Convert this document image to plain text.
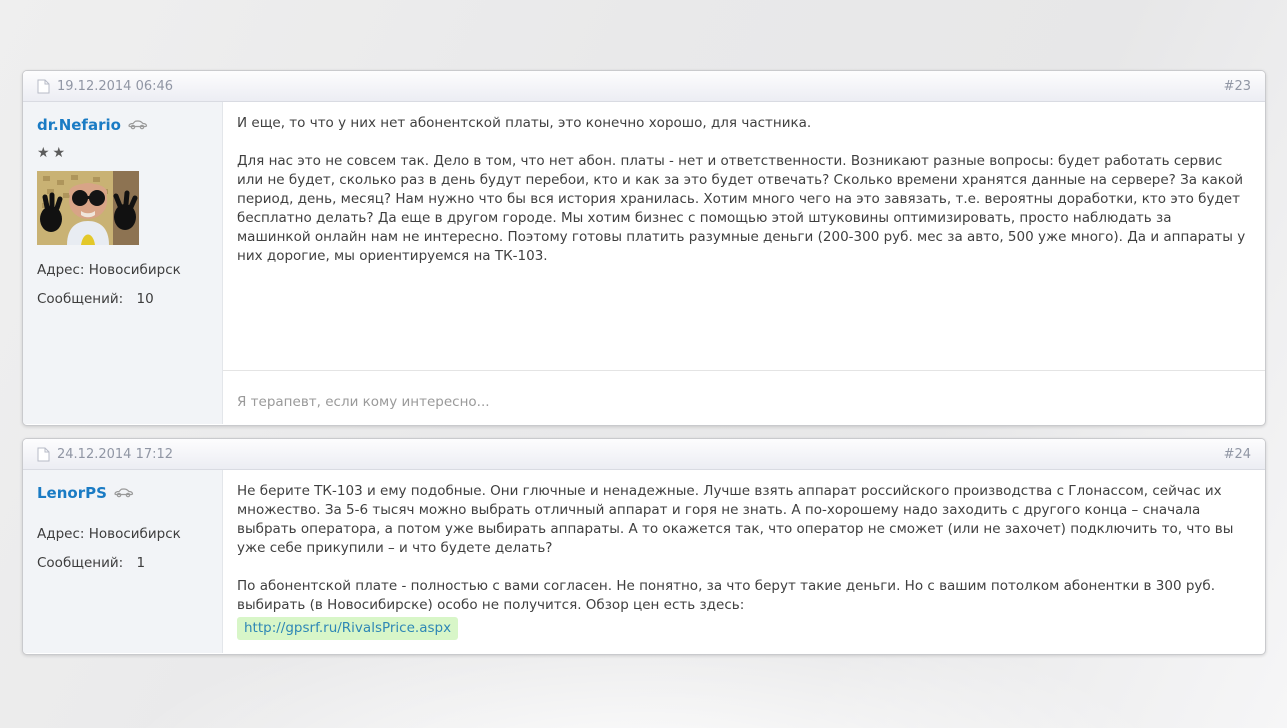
19.12.2014 06:46	#23
dr.Nefario
★★
Адрес: Новосибирск
Сообщений: 10

И еще, то что у них нет абонентской платы, это конечно хорошо, для частника.

Для нас это не совсем так. Дело в том, что нет абон. платы - нет и ответственности. Возникают разные вопросы: будет работать сервис или не будет, сколько раз в день будут перебои, кто и как за это будет отвечать? Сколько времени хранятся данные на сервере? За какой период, день, месяц? Нам нужно что бы вся история хранилась. Хотим много чего на это завязать, т.е. вероятны доработки, кто это будет бесплатно делать? Да еще в другом городе. Мы хотим бизнес с помощью этой штуковины оптимизировать, просто наблюдать за машинкой онлайн нам не интересно. Поэтому готовы платить разумные деньги (200-300 руб. мес за авто, 500 уже много). Да и аппараты у них дорогие, мы ориентируемся на ТК-103.

Я терапевт, если кому интересно...
24.12.2014 17:12	#24
LenorPS
Адрес: Новосибирск
Сообщений: 1

Не берите ТК-103 и ему подобные. Они глючные и ненадежные. Лучше взять аппарат российского производства с Глонассом, сейчас их множество. За 5-6 тысяч можно выбрать отличный аппарат и горя не знать. А по-хорошему надо заходить с другого конца – сначала выбрать оператора, а потом уже выбирать аппараты. А то окажется так, что оператор не сможет (или не захочет) подключить то, что вы уже себе прикупили – и что будете делать?

По абонентской плате - полностью с вами согласен. Не понятно, за что берут такие деньги. Но с вашим потолком абонентки в 300 руб. выбирать (в Новосибирске) особо не получится. Обзор цен есть здесь:

http://gpsrf.ru/RivalsPrice.aspx
